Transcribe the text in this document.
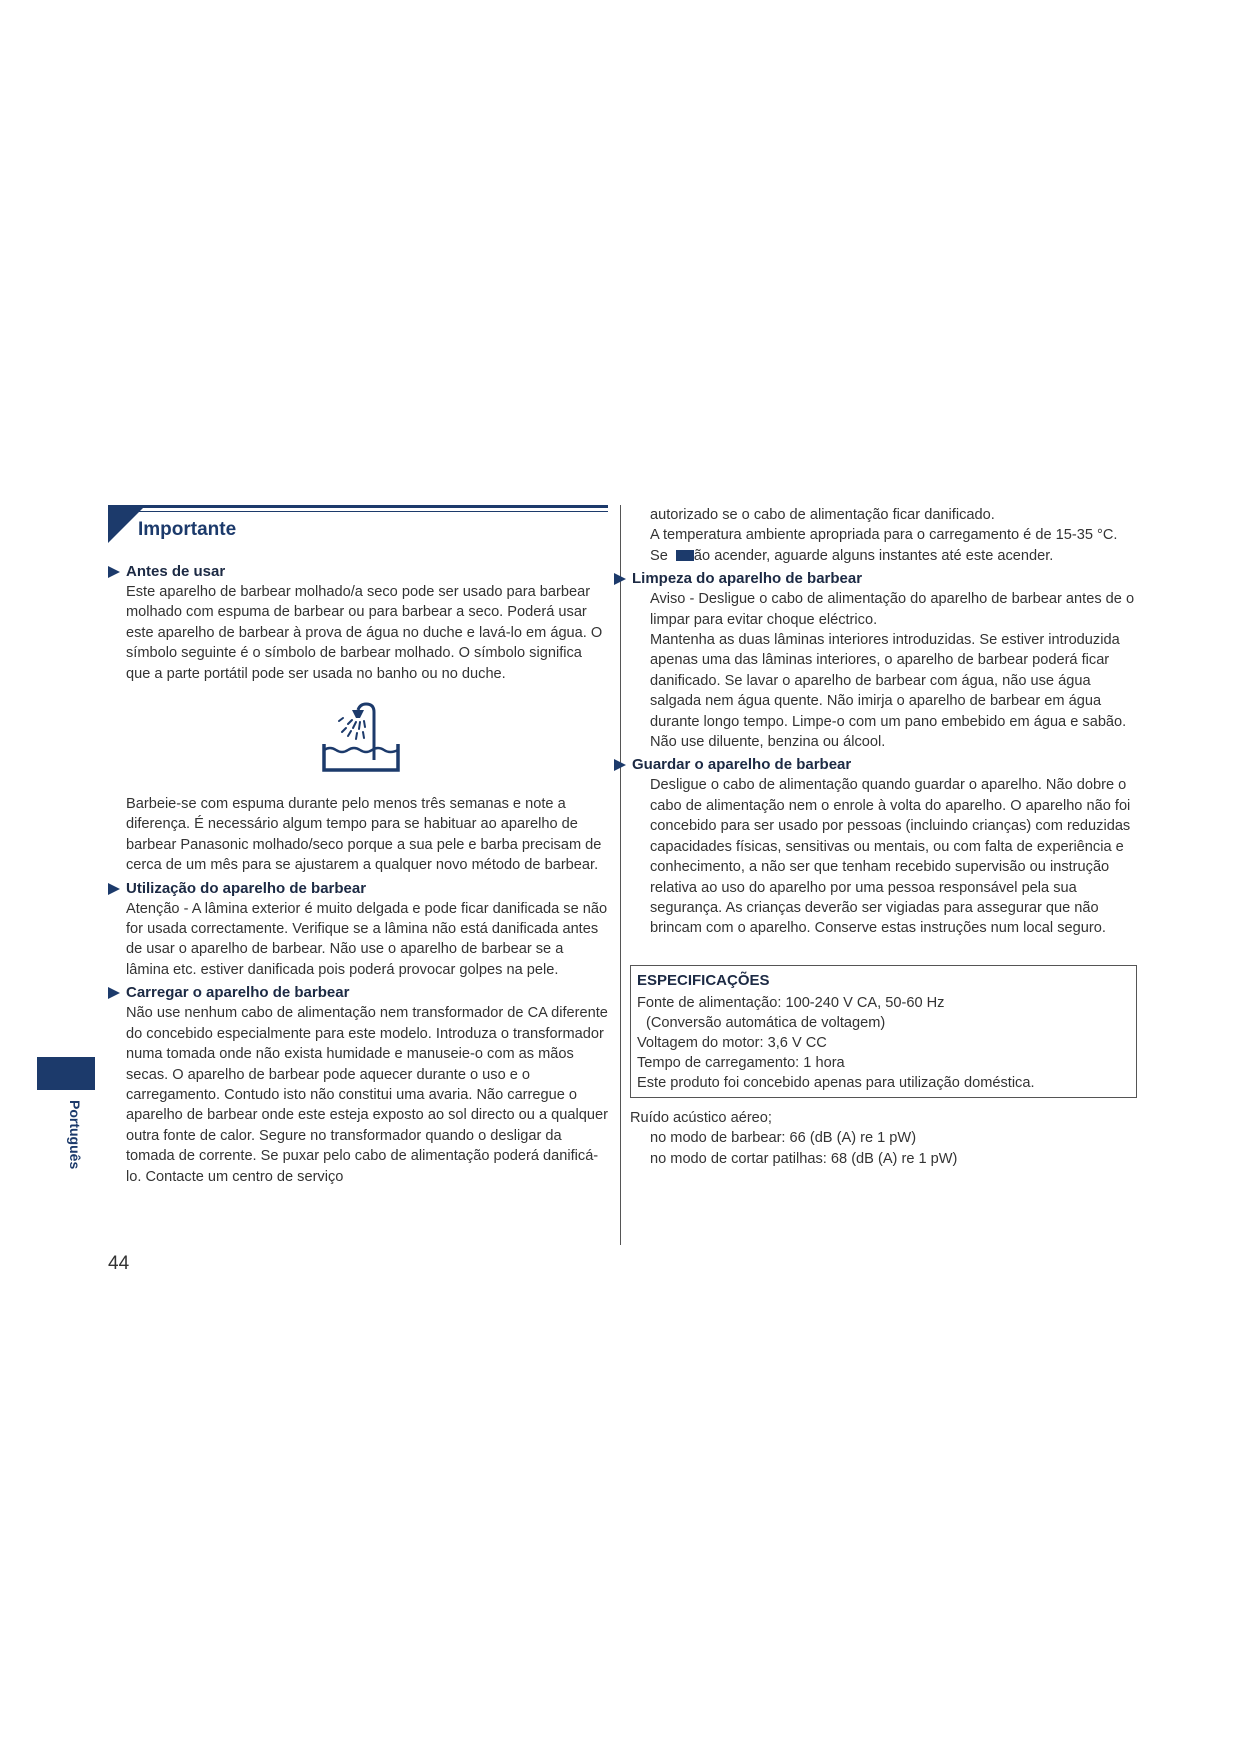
Importante

Antes de usar

Este aparelho de barbear molhado/a seco pode ser usado para barbear molhado com espuma de barbear ou para barbear a seco. Poderá usar este aparelho de barbear à prova de água no duche e lavá-lo em água. O símbolo seguinte é o símbolo de barbear molhado. O símbolo significa que a parte portátil pode ser usada no banho ou no duche.

Barbeie-se com espuma durante pelo menos três semanas e note a diferença. É necessário algum tempo para se habituar ao aparelho de barbear Panasonic molhado/seco porque a sua pele e barba precisam de cerca de um mês para se ajustarem a qualquer novo método de barbear.

Utilização do aparelho de barbear

Atenção - A lâmina exterior é muito delgada e pode ficar danificada se não for usada correctamente. Verifique se a lâmina não está danificada antes de usar o aparelho de barbear. Não use o aparelho de barbear se a lâmina etc. estiver danificada pois poderá provocar golpes na pele.

Carregar o aparelho de barbear

Não use nenhum cabo de alimentação nem transformador de CA diferente do concebido especialmente para este modelo. Introduza o transformador numa tomada onde não exista humidade e manuseie-o com as mãos secas. O aparelho de barbear pode aquecer durante o uso e o carregamento. Contudo isto não constitui uma avaria. Não carregue o aparelho de barbear onde este esteja exposto ao sol directo ou a qualquer outra fonte de calor. Segure no transformador quando o desligar da tomada de corrente. Se puxar pelo cabo de alimentação poderá danificá-lo. Contacte um centro de serviço

autorizado se o cabo de alimentação ficar danificado.

A temperatura ambiente apropriada para o carregamento é de 15-35 °C.

Se ão acender, aguarde alguns instantes até este acender.

Limpeza do aparelho de barbear

Aviso - Desligue o cabo de alimentação do aparelho de barbear antes de o limpar para evitar choque eléctrico.

Mantenha as duas lâminas interiores introduzidas. Se estiver introduzida apenas uma das lâminas interiores, o aparelho de barbear poderá ficar danificado. Se lavar o aparelho de barbear com água, não use água salgada nem água quente. Não imirja o aparelho de barbear em água durante longo tempo. Limpe-o com um pano embebido em água e sabão. Não use diluente, benzina ou álcool.

Guardar o aparelho de barbear

Desligue o cabo de alimentação quando guardar o aparelho. Não dobre o cabo de alimentação nem o enrole à volta do aparelho. O aparelho não foi concebido para ser usado por pessoas (incluindo crianças) com reduzidas capacidades físicas, sensitivas ou mentais, ou com falta de experiência e conhecimento, a não ser que tenham recebido supervisão ou instrução relativa ao uso do aparelho por uma pessoa responsável pela sua segurança. As crianças deverão ser vigiadas para assegurar que não brincam com o aparelho. Conserve estas instruções num local seguro.

ESPECIFICAÇÕES

Fonte de alimentação: 100-240 V CA, 50-60 Hz

(Conversão automática de voltagem)

Voltagem do motor: 3,6 V CC

Tempo de carregamento: 1 hora

Este produto foi concebido apenas para utilização doméstica.

Ruído acústico aéreo;

no modo de barbear: 66 (dB (A) re 1 pW)

no modo de cortar patilhas: 68 (dB (A) re 1 pW)

Português
44
